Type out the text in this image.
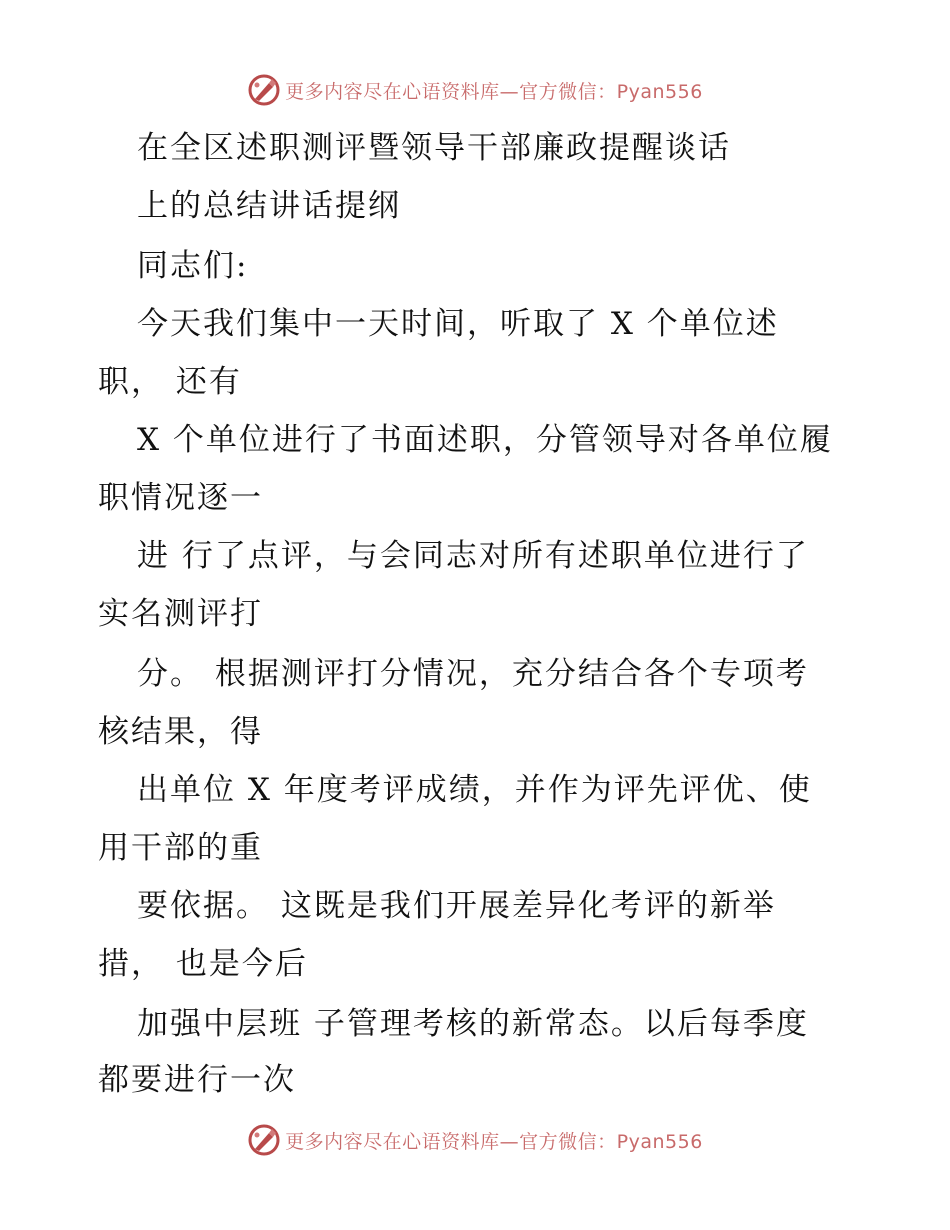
更多内容尽在心语资料库—官方微信：Pyan556
在全区述职测评暨领导干部廉政提醒谈话
上的总结讲话提纲
同志们:
今天我们集中一天时间，听取了 X 个单位述
职， 还有
X 个单位进行了书面述职，分管领导对各单位履
职情况逐一
进 行了点评，与会同志对所有述职单位进行了
实名测评打
分。 根据测评打分情况，充分结合各个专项考
核结果，得
出单位 X 年度考评成绩，并作为评先评优、使
用干部的重
要依据。 这既是我们开展差异化考评的新举
措， 也是今后
加强中层班 子管理考核的新常态。以后每季度
都要进行一次
更多内容尽在心语资料库—官方微信：Pyan556
